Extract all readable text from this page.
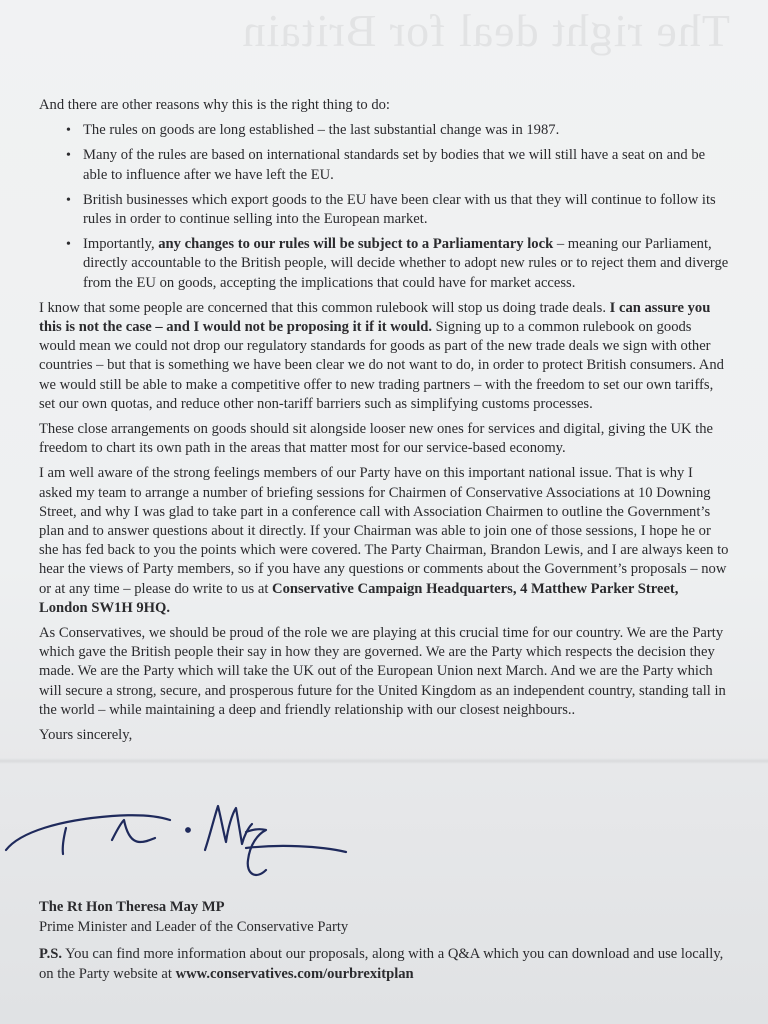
The right deal for Britain

And there are other reasons why this is the right thing to do:

• The rules on goods are long established – the last substantial change was in 1987.
• Many of the rules are based on international standards set by bodies that we will still have a seat on and be able to influence after we have left the EU.
• British businesses which export goods to the EU have been clear with us that they will continue to follow its rules in order to continue selling into the European market.
• Importantly, any changes to our rules will be subject to a Parliamentary lock – meaning our Parliament, directly accountable to the British people, will decide whether to adopt new rules or to reject them and diverge from the EU on goods, accepting the implications that could have for market access.

I know that some people are concerned that this common rulebook will stop us doing trade deals. I can assure you this is not the case – and I would not be proposing it if it would. Signing up to a common rulebook on goods would mean we could not drop our regulatory standards for goods as part of the new trade deals we sign with other countries – but that is something we have been clear we do not want to do, in order to protect British consumers. And we would still be able to make a competitive offer to new trading partners – with the freedom to set our own tariffs, set our own quotas, and reduce other non-tariff barriers such as simplifying customs processes.

These close arrangements on goods should sit alongside looser new ones for services and digital, giving the UK the freedom to chart its own path in the areas that matter most for our service-based economy.

I am well aware of the strong feelings members of our Party have on this important national issue. That is why I asked my team to arrange a number of briefing sessions for Chairmen of Conservative Associations at 10 Downing Street, and why I was glad to take part in a conference call with Association Chairmen to outline the Government’s plan and to answer questions about it directly. If your Chairman was able to join one of those sessions, I hope he or she has fed back to you the points which were covered. The Party Chairman, Brandon Lewis, and I are always keen to hear the views of Party members, so if you have any questions or comments about the Government’s proposals – now or at any time – please do write to us at Conservative Campaign Headquarters, 4 Matthew Parker Street, London SW1H 9HQ.

As Conservatives, we should be proud of the role we are playing at this crucial time for our country. We are the Party which gave the British people their say in how they are governed. We are the Party which respects the decision they made. We are the Party which will take the UK out of the European Union next March. And we are the Party which will secure a strong, secure, and prosperous future for the United Kingdom as an independent country, standing tall in the world – while maintaining a deep and friendly relationship with our closest neighbours..

Yours sincerely,

The Rt Hon Theresa May MP
Prime Minister and Leader of the Conservative Party
P.S. You can find more information about our proposals, along with a Q&A which you can download and use locally, on the Party website at www.conservatives.com/ourbrexitplan
